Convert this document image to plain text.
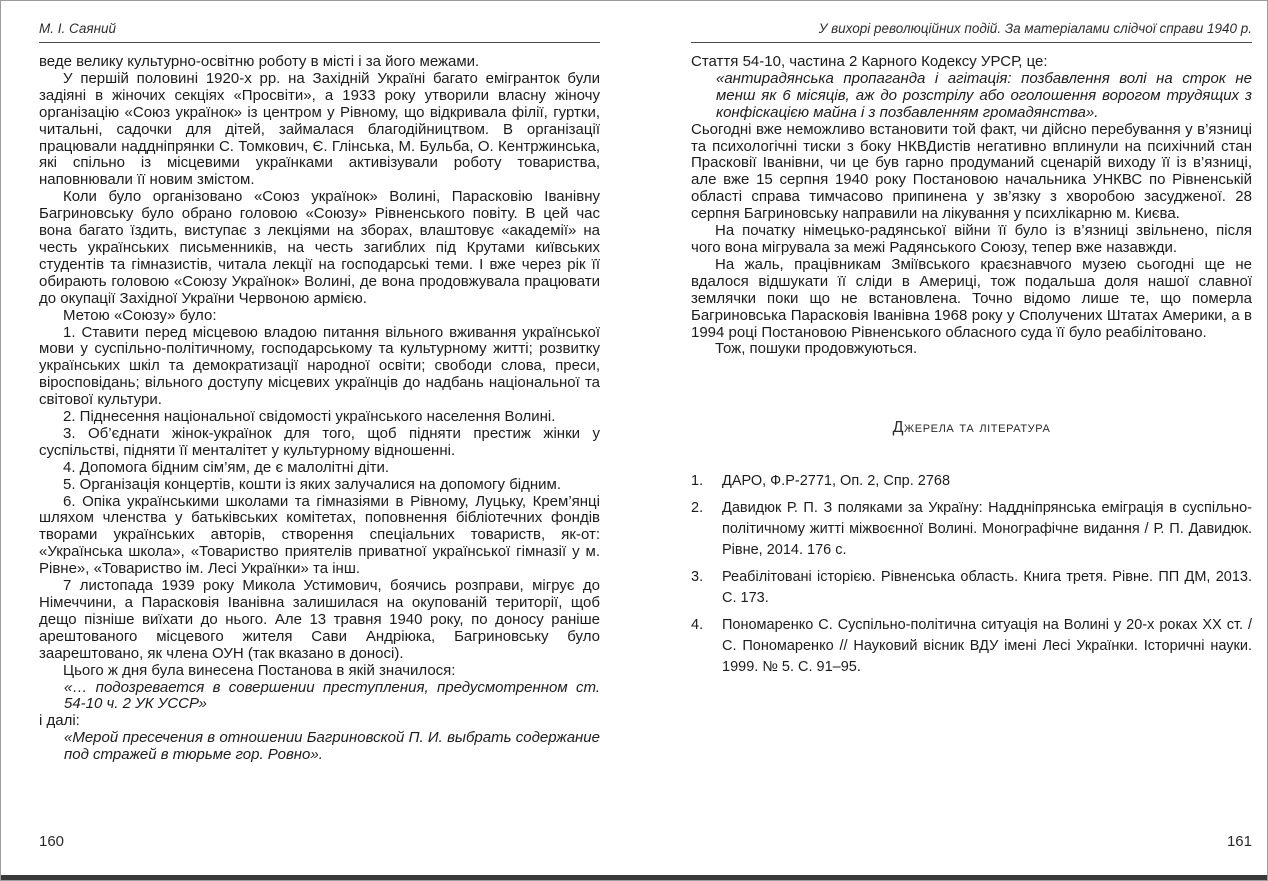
М. І. Саяний

веде велику культурно-освітню роботу в місті і за його межами.

У першій половині 1920-х рр. на Західній Україні багато емігранток були задіяні в жіночих секціях «Просвіти», а 1933 року утворили власну жіночу організацію «Союз українок» із центром у Рівному, що відкривала філії, гуртки, читальні, садочки для дітей, займалася благодійництвом. В організації працювали наддніпрянки С. Томкович, Є. Глінська, М. Бульба, О. Кентржинська, які спільно із місцевими українками активізували роботу товариства, наповнювали її новим змістом.

Коли було організовано «Союз українок» Волині, Парасковію Іванівну Багриновську було обрано головою «Союзу» Рівненського повіту. В цей час вона багато їздить, виступає з лекціями на зборах, влаштовує «академії» на честь українських письменників, на честь загиблих під Крутами київських студентів та гімназистів, читала лекції на господарські теми. І вже через рік її обирають головою «Союзу Українок» Волині, де вона продовжувала працювати до окупації Західної України Червоною армією.

Метою «Союзу» було:

1. Ставити перед місцевою владою питання вільного вживання української мови у суспільно-політичному, господарському та культурному житті; розвитку українських шкіл та демократизації народної освіти; свободи слова, преси, віросповідань; вільного доступу місцевих українців до надбань національної та світової культури.

2. Піднесення національної свідомості українського населення Волині.

3. Об’єднати жінок-українок для того, щоб підняти престиж жінки у суспільстві, підняти її менталітет у культурному відношенні.

4. Допомога бідним сім’ям, де є малолітні діти.

5. Організація концертів, кошти із яких залучалися на допомогу бідним.

6. Опіка українськими школами та гімназіями в Рівному, Луцьку, Крем’янці шляхом членства у батьківських комітетах, поповнення бібліотечних фондів творами українських авторів, створення спеціальних товариств, як-от: «Українська школа», «Товариство приятелів приватної української гімназії у м. Рівне», «Товариство ім. Лесі Українки» та інш.

7 листопада 1939 року Микола Устимович, боячись розправи, мігрує до Німеччини, а Парасковія Іванівна залишилася на окупованій території, щоб дещо пізніше виїхати до нього. Але 13 травня 1940 року, по доносу раніше арештованого місцевого жителя Сави Андріюка, Багриновську було заарештовано, як члена ОУН (так вказано в доносі).

Цього ж дня була винесена Постанова в якій значилося:

«… подозревается в совершении преступления, предусмотренном ст. 54-10 ч. 2 УК УССР»

і далі:

«Мерой пресечения в отношении Багриновской П. И. выбрать содержание под стражей в тюрьме гор. Ровно».

160
У вихорі революційних подій. За матеріалами слідчої справи 1940 р.

Стаття 54-10, частина 2 Карного Кодексу УРСР, це:

«антирадянська пропаганда і агітація: позбавлення волі на строк не менш як 6 місяців, аж до розстрілу або оголошення ворогом трудящих з конфіскацією майна і з позбавленням громадянства».

Сьогодні вже неможливо встановити той факт, чи дійсно перебування у в’язниці та психологічні тиски з боку НКВДистів негативно вплинули на психічний стан Прасковії Іванівни, чи це був гарно продуманий сценарій виходу її із в’язниці, але вже 15 серпня 1940 року Постановою начальника УНКВС по Рівненській області справа тимчасово припинена у зв’язку з хворобою засудженої. 28 серпня Багриновську направили на лікування у психлікарню м. Києва.

На початку німецько-радянської війни її було із в’язниці звільнено, після чого вона мігрувала за межі Радянського Союзу, тепер вже назавжди.

На жаль, працівникам Зміївського краєзнавчого музею сьогодні ще не вдалося відшукати її сліди в Америці, тож подальша доля нашої славної землячки поки що не встановлена. Точно відомо лише те, що померла Багриновська Парасковія Іванівна 1968 року у Сполучених Штатах Америки, а в 1994 році Постановою Рівненського обласного суда її було реабілітовано.

Тож, пошуки продовжуються.

Джерела та література
1.	ДАРО, Ф.Р-2771, Оп. 2, Спр. 2768
2.	Давидюк Р. П. З поляками за Україну: Наддніпрянська еміграція в суспільно-політичному житті міжвоєнної Волині. Монографічне видання / Р. П. Давидюк. Рівне, 2014. 176 с.
3.	Реабілітовані історією. Рівненська область. Книга третя. Рівне. ПП ДМ, 2013. С. 173.
4.	Пономаренко С. Суспільно-політична ситуація на Волині у 20-х роках ХХ ст. / С. Пономаренко // Науковий вісник ВДУ імені Лесі Українки. Історичні науки. 1999. № 5. С. 91–95.
161
